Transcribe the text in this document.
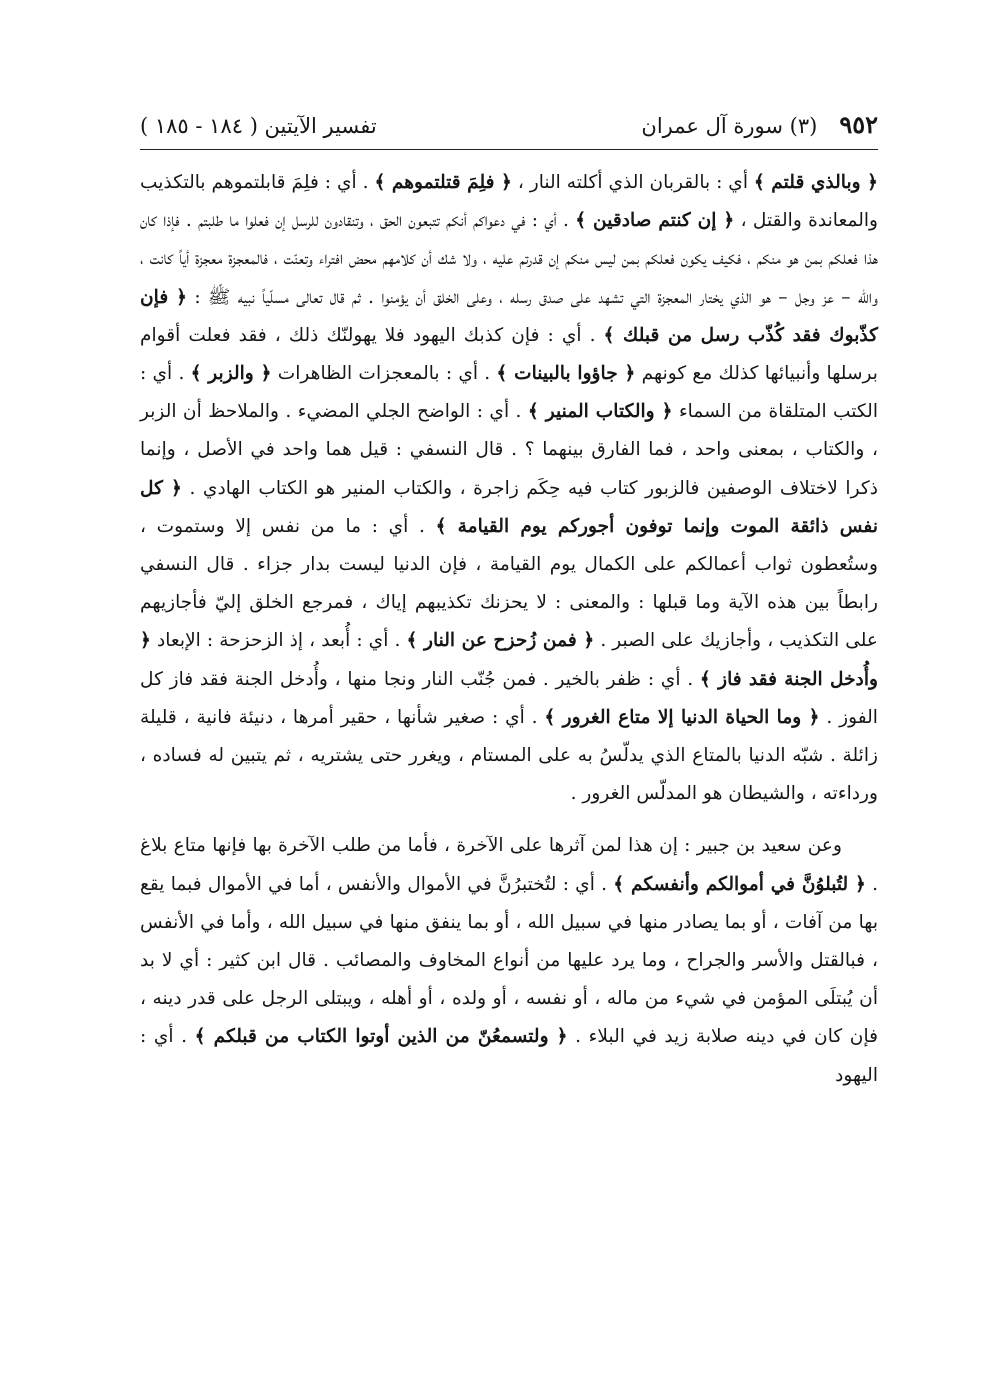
٩٥٢
(٣) سورة آل عمران
تفسير الآيتين ( ١٨٤ - ١٨٥ )

﴿ وبالذي قلتم ﴾ أي : بالقربان الذي أكلته النار ، ﴿ فلِمَ قتلتموهم ﴾ . أي : فلِمَ قابلتموهم بالتكذيب والمعاندة والقتل ، ﴿ إن كنتم صادقين ﴾ . أي : في دعواكم أنكم تتبعون الحق ، وتنقادون للرسل إن فعلوا ما طلبتم . فإذا كان هذا فعلكم بمن هو منكم ، فكيف يكون فعلكم بمن ليس منكم إن قدرتم عليه ، ولا شك أن كلامهم محض افتراء وتعنّت ، فالمعجزة معجزة أياً كانت ، والله – عز وجل – هو الذي يختار المعجزة التي تشهد على صدق رسله ، وعلى الخلق أن يؤمنوا . ثم قال تعالى مسلّياً نبيه ﷺ : ﴿ فإن كذّبوك فقد كُذّب رسل من قبلك ﴾ . أي : فإن كذبك اليهود فلا يهولنّك ذلك ، فقد فعلت أقوام برسلها وأنبيائها كذلك مع كونهم ﴿ جاؤوا بالبينات ﴾ . أي : بالمعجزات الظاهرات ﴿ والزبر ﴾ . أي : الكتب المتلقاة من السماء ﴿ والكتاب المنير ﴾ . أي : الواضح الجلي المضيء . والملاحظ أن الزبر ، والكتاب ، بمعنى واحد ، فما الفارق بينهما ؟ . قال النسفي : قيل هما واحد في الأصل ، وإنما ذكرا لاختلاف الوصفين فالزبور كتاب فيه حِكَم زاجرة ، والكتاب المنير هو الكتاب الهادي . ﴿ كل نفس ذائقة الموت وإنما توفون أجوركم يوم القيامة ﴾ . أي : ما من نفس إلا وستموت ، وستُعطون ثواب أعمالكم على الكمال يوم القيامة ، فإن الدنيا ليست بدار جزاء . قال النسفي رابطاً بين هذه الآية وما قبلها : والمعنى : لا يحزنك تكذيبهم إياك ، فمرجع الخلق إليّ فأجازيهم على التكذيب ، وأجازيك على الصبر . ﴿ فمن زُحزح عن النار ﴾ . أي : أُبعد ، إذ الزحزحة : الإبعاد ﴿ وأُدخل الجنة فقد فاز ﴾ . أي : ظفر بالخير . فمن جُنّب النار ونجا منها ، وأُدخل الجنة فقد فاز كل الفوز . ﴿ وما الحياة الدنيا إلا متاع الغرور ﴾ . أي : صغير شأنها ، حقير أمرها ، دنيئة فانية ، قليلة زائلة . شبّه الدنيا بالمتاع الذي يدلّسُ به على المستام ، ويغرر حتى يشتريه ، ثم يتبين له فساده ، ورداءته ، والشيطان هو المدلّس الغرور .

وعن سعيد بن جبير : إن هذا لمن آثرها على الآخرة ، فأما من طلب الآخرة بها فإنها متاع بلاغ . ﴿ لتُبلوُنَّ في أموالكم وأنفسكم ﴾ . أي : لتُختبرُنَّ في الأموال والأنفس ، أما في الأموال فبما يقع بها من آفات ، أو بما يصادر منها في سبيل الله ، أو بما ينفق منها في سبيل الله ، وأما في الأنفس ، فبالقتل والأسر والجراح ، وما يرد عليها من أنواع المخاوف والمصائب . قال ابن كثير : أي لا بد أن يُبتلَى المؤمن في شيء من ماله ، أو نفسه ، أو ولده ، أو أهله ، ويبتلى الرجل على قدر دينه ، فإن كان في دينه صلابة زيد في البلاء . ﴿ ولتسمعُنّ من الذين أوتوا الكتاب من قبلكم ﴾ . أي : اليهود
